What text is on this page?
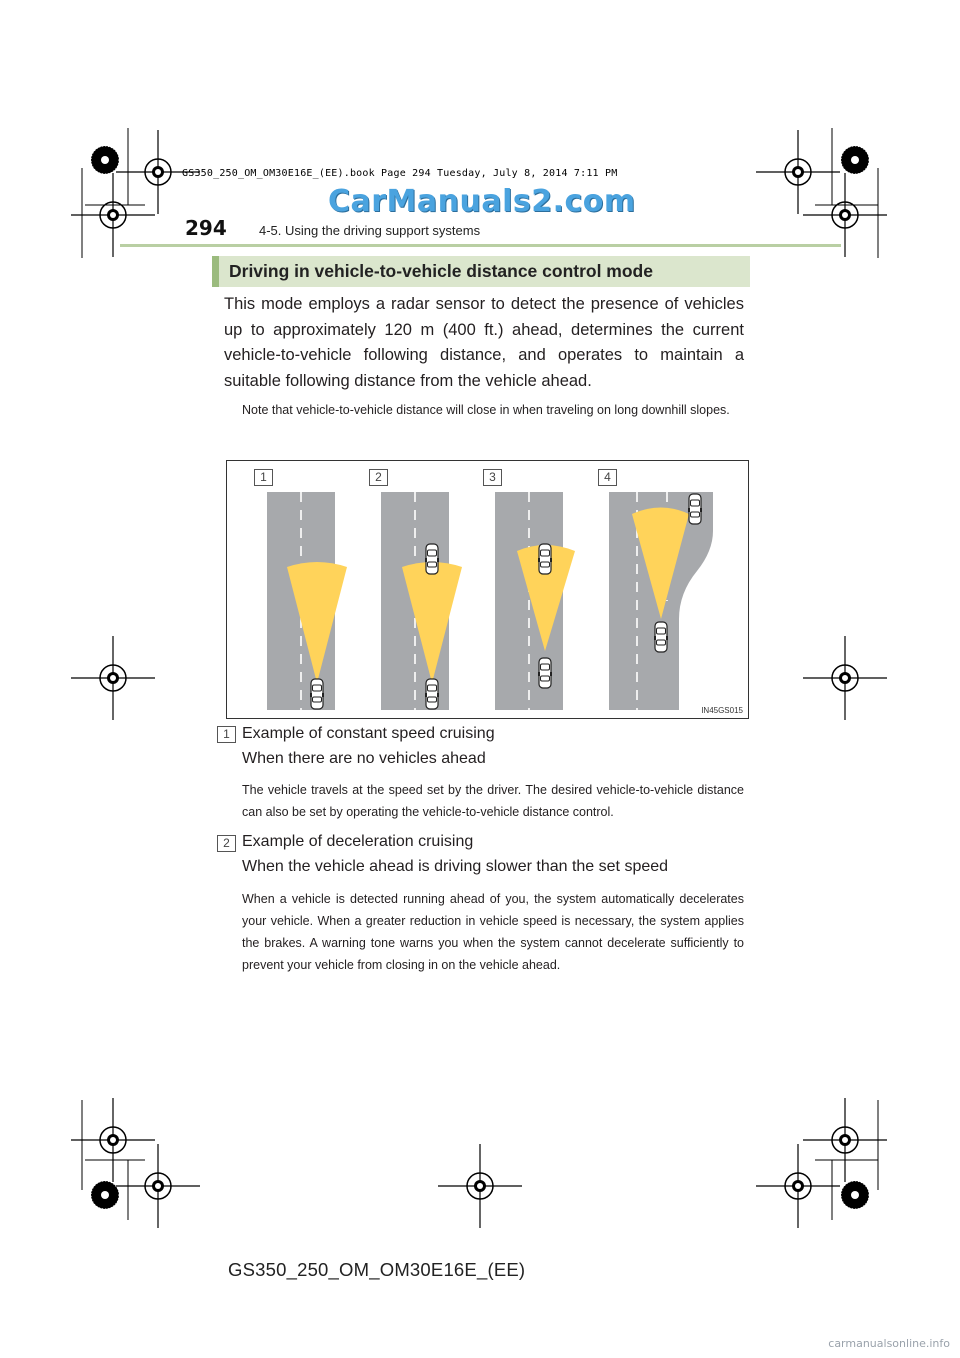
GS350_250_OM_OM30E16E_(EE).book Page 294 Tuesday, July 8, 2014 7:11 PM
CarManuals2.com
294 4-5. Using the driving support systems
Driving in vehicle-to-vehicle distance control mode
This mode employs a radar sensor to detect the presence of vehicles up to approximately 120 m (400 ft.) ahead, determines the current vehicle-to-vehicle following distance, and operates to maintain a suitable following distance from the vehicle ahead.
Note that vehicle-to-vehicle distance will close in when traveling on long downhill slopes.
1	2	3	4
IN45GS015
1 Example of constant speed cruising
When there are no vehicles ahead
The vehicle travels at the speed set by the driver. The desired vehicle-to-vehicle distance can also be set by operating the vehicle-to-vehicle distance control.
2 Example of deceleration cruising
When the vehicle ahead is driving slower than the set speed
When a vehicle is detected running ahead of you, the system automatically decelerates your vehicle. When a greater reduction in vehicle speed is necessary, the system applies the brakes. A warning tone warns you when the system cannot decelerate sufficiently to prevent your vehicle from closing in on the vehicle ahead.
GS350_250_OM_OM30E16E_(EE)
carmanualsonline.info
